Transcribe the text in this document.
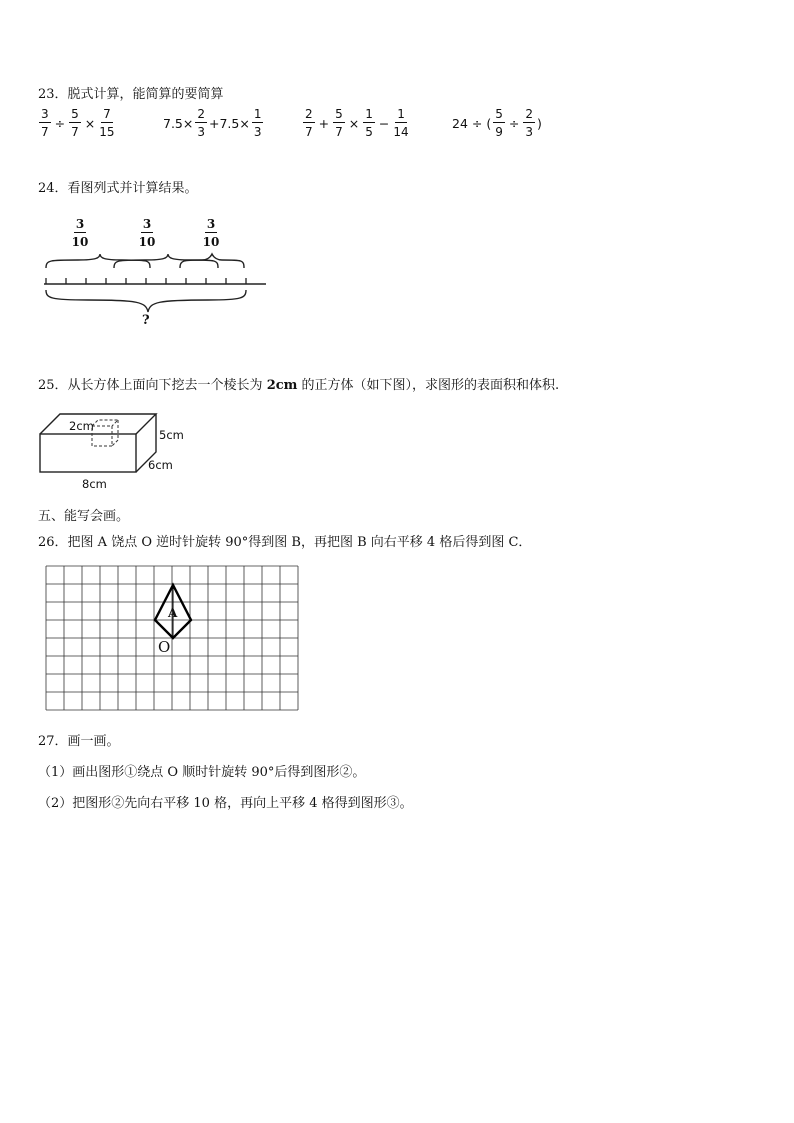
23．脱式计算，能简算的要简算
$\frac{3}{7} \div \frac{5}{7} \times \frac{7}{15}$	$7.5\times \frac{2}{3} +7.5\times \frac{1}{3}$	$\frac{2}{7} + \frac{5}{7} \times \frac{1}{5} - \frac{1}{14}$	24 ÷ ( $\frac{5}{9} \div \frac{2}{3}$ )
24．看图列式并计算结果。
$\frac{3}{10}$	$\frac{3}{10}$	$\frac{3}{10}$
?
25．从长方体上面向下挖去一个棱长为 2cm 的正方体（如下图），求图形的表面积和体积.
2cm
5cm
6cm
8cm
五、能写会画。
26．把图 A 饶点 O 逆时针旋转 90°得到图 B，再把图 B 向右平移 4 格后得到图 C．
A
O
27．画一画。
（1）画出图形①绕点 O 顺时针旋转 90°后得到图形②。
（2）把图形②先向右平移 10 格，再向上平移 4 格得到图形③。
